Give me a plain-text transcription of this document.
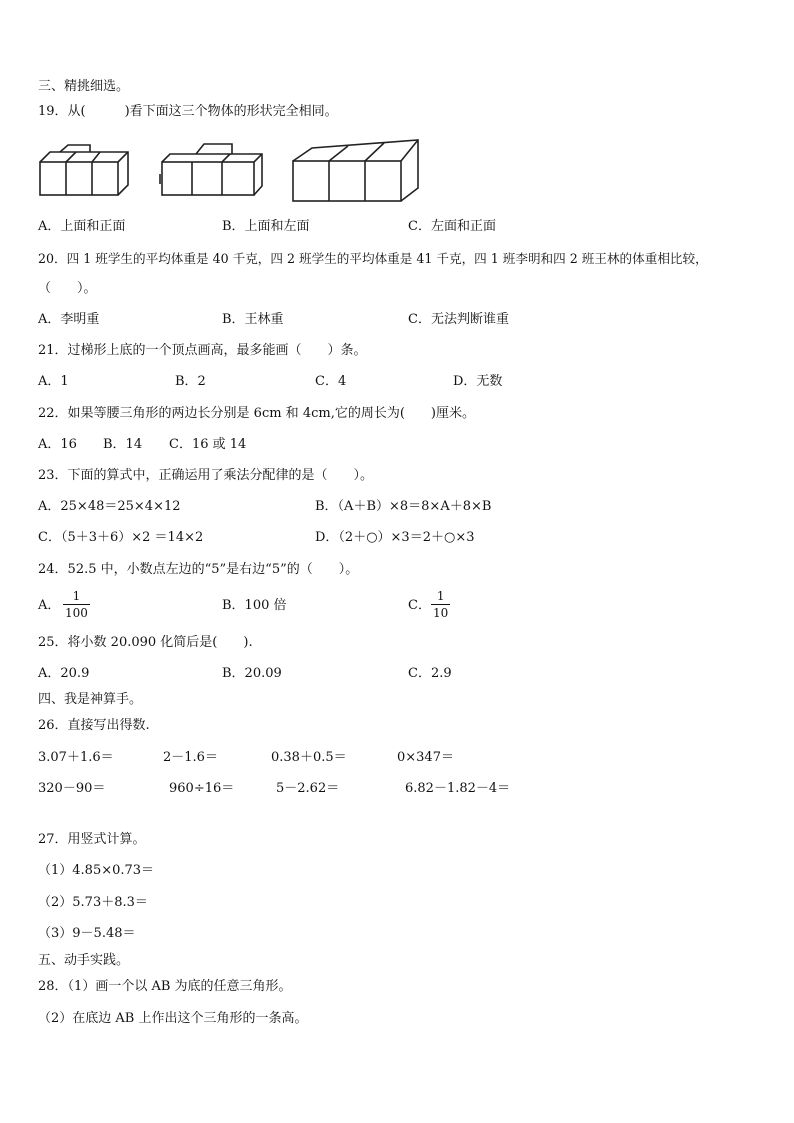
三、精挑细选。
19．从(　　　)看下面这三个物体的形状完全相同。
A．上面和正面	B．上面和左面	C．左面和正面
20．四 1 班学生的平均体重是 40 千克，四 2 班学生的平均体重是 41 千克，四 1 班李明和四 2 班王林的体重相比较，
（　　）。
A．李明重	B．王林重	C．无法判断谁重
21．过梯形上底的一个顶点画高，最多能画（　　）条。
A．1	B．2	C．4	D．无数
22．如果等腰三角形的两边长分别是 6cm 和 4cm,它的周长为(　　)厘米。
A．16 B．14 C．16 或 14
23．下面的算式中，正确运用了乘法分配律的是（　　）。
A．25×48＝25×4×12	B．（A＋B）×8＝8×A＋8×B
C．（5＋3＋6）×2 ＝14×2	D．（2＋○）×3＝2＋○×3
24．52.5 中，小数点左边的“5”是右边“5”的（　　）。
A．
1
100	B．100 倍	C．
1
10
25．将小数 20.090 化简后是(　　).
A．20.9	B．20.09	C．2.9
四、我是神算手。
26．直接写出得数.
3.07＋1.6＝	2－1.6＝	0.38＋0.5＝	0×347＝
320－90＝	960÷16＝	5－2.62＝	6.82－1.82－4＝
27．用竖式计算。
（1）4.85×0.73＝
（2）5.73＋8.3＝
（3）9－5.48＝
五、动手实践。
28．（1）画一个以 AB 为底的任意三角形。
（2）在底边 AB 上作出这个三角形的一条高。
